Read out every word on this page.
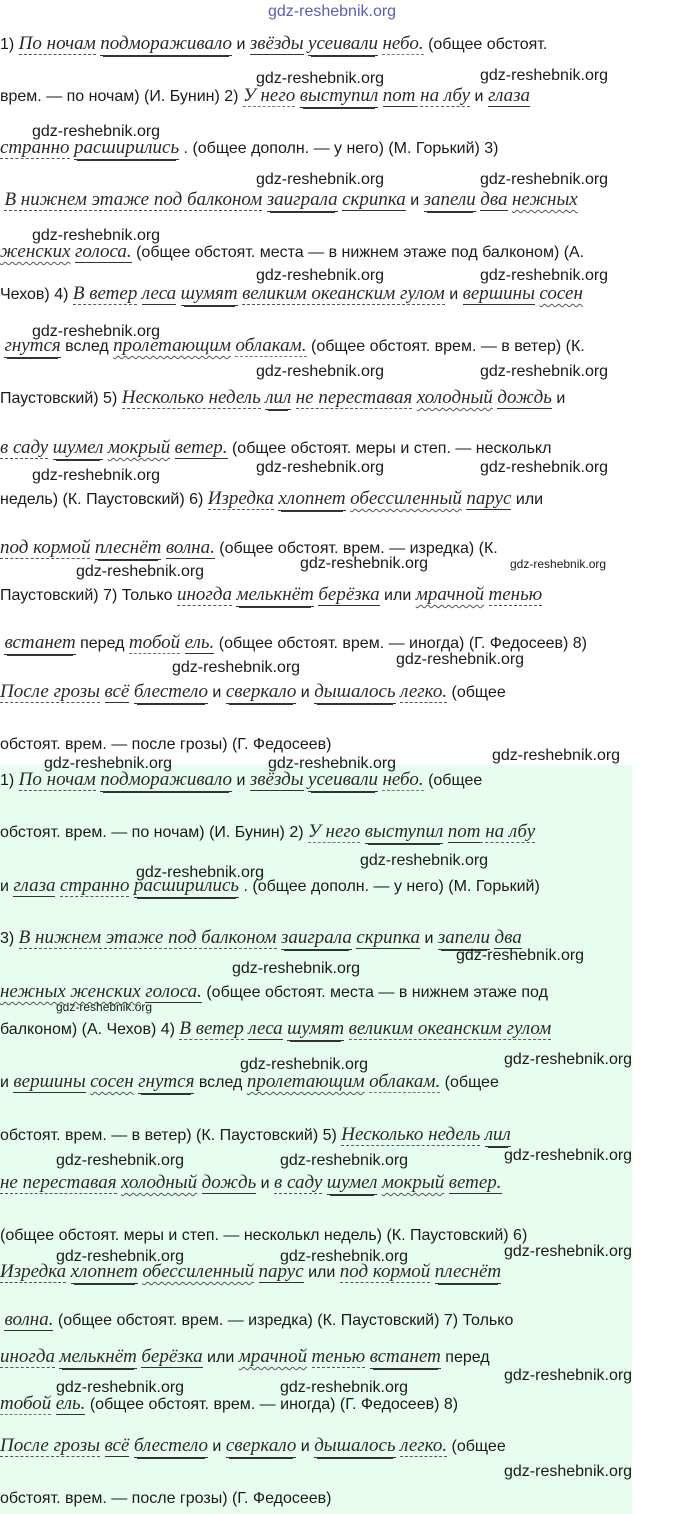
1) По ночам подмораживало и звёзды усеивали небо. (общее обстоят.
врем. — по ночам) (И. Бунин) 2) У него выступил пот на лбу и глаза
странно расширились . (общее дополн. — у него) (М. Горький) 3)
В нижнем этаже под балконом заиграла скрипка и запели два нежных
женских голоса. (общее обстоят. места — в нижнем этаже под балконом) (А.
Чехов) 4) В ветер леса шумят великим океанским гулом и вершины сосен
гнутся вслед пролетающим облакам. (общее обстоят. врем. — в ветер) (К.
Паустовский) 5) Несколько недель лил не переставая холодный дождь и
в саду шумел мокрый ветер. (общее обстоят. меры и степ. — несколькл
недель) (К. Паустовский) 6) Изредка хлопнет обессиленный парус или
под кормой плеснёт волна. (общее обстоят. врем. — изредка) (К.
Паустовский) 7) Только иногда мелькнёт берёзка или мрачной тенью
встанет перед тобой ель. (общее обстоят. врем. — иногда) (Г. Федосеев) 8)
После грозы всё блестело и сверкало и дышалось легко. (общее
обстоят. врем. — после грозы) (Г. Федосеев)
1) По ночам подмораживало и звёзды усеивали небо. (общее
обстоят. врем. — по ночам) (И. Бунин) 2) У него выступил пот на лбу
и глаза странно расширились . (общее дополн. — у него) (М. Горький)
3) В нижнем этаже под балконом заиграла скрипка и запели два
нежных женских голоса. (общее обстоят. места — в нижнем этаже под
балконом) (А. Чехов) 4) В ветер леса шумят великим океанским гулом
и вершины сосен гнутся вслед пролетающим облакам. (общее
обстоят. врем. — в ветер) (К. Паустовский) 5) Несколько недель лил
не переставая холодный дождь и в саду шумел мокрый ветер.
(общее обстоят. меры и степ. — несколькл недель) (К. Паустовский) 6)
Изредка хлопнет обессиленный парус или под кормой плеснёт
волна. (общее обстоят. врем. — изредка) (К. Паустовский) 7) Только
иногда мелькнёт берёзка или мрачной тенью встанет перед
тобой ель. (общее обстоят. врем. — иногда) (Г. Федосеев) 8)
После грозы всё блестело и сверкало и дышалось легко. (общее
обстоят. врем. — после грозы) (Г. Федосеев)
gdz-reshebnik.org
gdz-reshebnik.org	gdz-reshebnik.org
gdz-reshebnik.org
gdz-reshebnik.org	gdz-reshebnik.org
gdz-reshebnik.org
gdz-reshebnik.org	gdz-reshebnik.org
gdz-reshebnik.org
gdz-reshebnik.org	gdz-reshebnik.org
gdz-reshebnik.org	gdz-reshebnik.org
gdz-reshebnik.org
gdz-reshebnik.org	gdz-reshebnik.org
gdz-reshebnik.org
gdz-reshebnik.org	gdz-reshebnik.org
gdz-reshebnik.org
gdz-reshebnik.org	gdz-reshebnik.org
gdz-reshebnik.org
gdz-reshebnik.org
gdz-reshebnik.org
gdz-reshebnik.org
gdz-reshebnik.org
gdz-reshebnik.org	gdz-reshebnik.org
gdz-reshebnik.org	gdz-reshebnik.org	gdz-reshebnik.org
gdz-reshebnik.org	gdz-reshebnik.org	gdz-reshebnik.org
gdz-reshebnik.org	gdz-reshebnik.org
gdz-reshebnik.org
gdz-reshebnik.org
